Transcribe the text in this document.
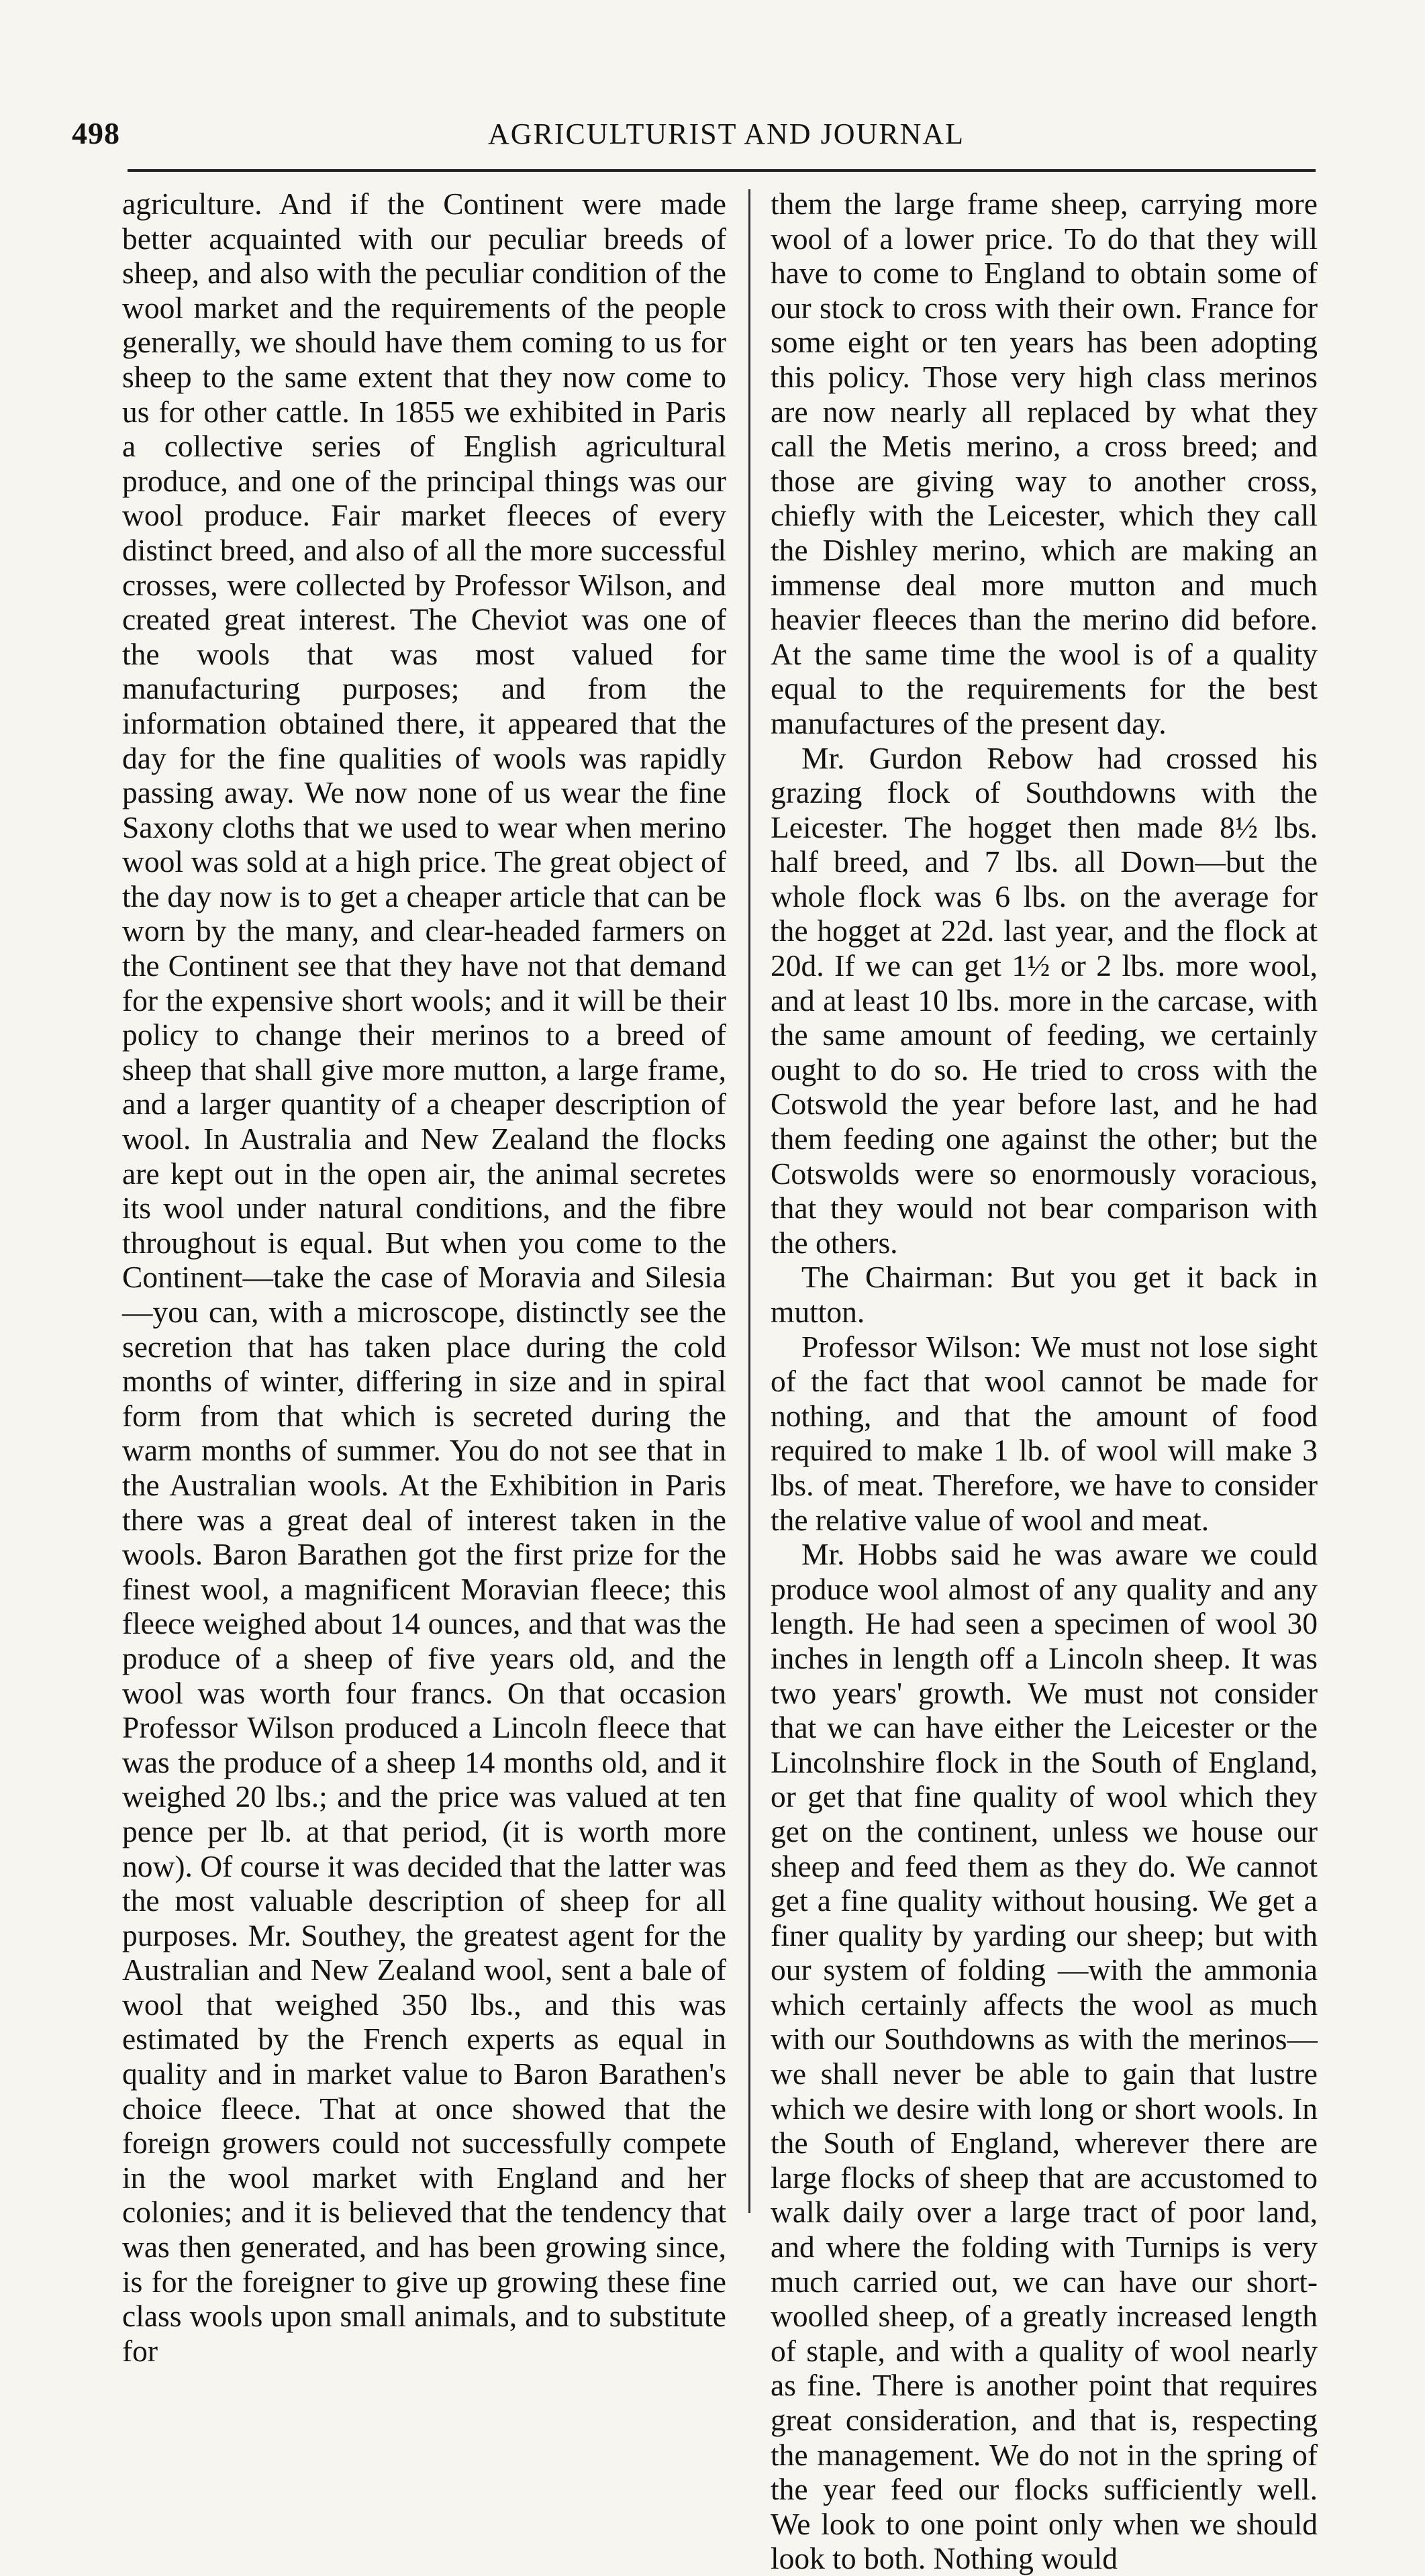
498	AGRICULTURIST AND JOURNAL

agriculture. And if the Continent were made better acquainted with our peculiar breeds of sheep, and also with the peculiar condition of the wool market and the requirements of the people generally, we should have them coming to us for sheep to the same extent that they now come to us for other cattle. In 1855 we exhibited in Paris a collective series of English agricultural produce, and one of the principal things was our wool produce. Fair market fleeces of every distinct breed, and also of all the more successful crosses, were collected by Professor Wilson, and created great interest. The Cheviot was one of the wools that was most valued for manufacturing purposes; and from the information obtained there, it appeared that the day for the fine qualities of wools was rapidly passing away. We now none of us wear the fine Saxony cloths that we used to wear when merino wool was sold at a high price. The great object of the day now is to get a cheaper article that can be worn by the many, and clear-headed farmers on the Continent see that they have not that demand for the expensive short wools; and it will be their policy to change their merinos to a breed of sheep that shall give more mutton, a large frame, and a larger quantity of a cheaper description of wool. In Australia and New Zealand the flocks are kept out in the open air, the animal secretes its wool under natural conditions, and the fibre throughout is equal. But when you come to the Continent—take the case of Moravia and Silesia—you can, with a microscope, distinctly see the secretion that has taken place during the cold months of winter, differing in size and in spiral form from that which is secreted during the warm months of summer. You do not see that in the Australian wools. At the Exhibition in Paris there was a great deal of interest taken in the wools. Baron Barathen got the first prize for the finest wool, a magnificent Moravian fleece; this fleece weighed about 14 ounces, and that was the produce of a sheep of five years old, and the wool was worth four francs. On that occasion Professor Wilson produced a Lincoln fleece that was the produce of a sheep 14 months old, and it weighed 20 lbs.; and the price was valued at ten pence per lb. at that period, (it is worth more now). Of course it was decided that the latter was the most valuable description of sheep for all purposes. Mr. Southey, the greatest agent for the Australian and New Zealand wool, sent a bale of wool that weighed 350 lbs., and this was estimated by the French experts as equal in quality and in market value to Baron Barathen's choice fleece. That at once showed that the foreign growers could not successfully compete in the wool market with England and her colonies; and it is believed that the tendency that was then generated, and has been growing since, is for the foreigner to give up growing these fine class wools upon small animals, and to substitute for

them the large frame sheep, carrying more wool of a lower price. To do that they will have to come to England to obtain some of our stock to cross with their own. France for some eight or ten years has been adopting this policy. Those very high class merinos are now nearly all replaced by what they call the Metis merino, a cross breed; and those are giving way to another cross, chiefly with the Leicester, which they call the Dishley merino, which are making an immense deal more mutton and much heavier fleeces than the merino did before. At the same time the wool is of a quality equal to the requirements for the best manufactures of the present day.

Mr. Gurdon Rebow had crossed his grazing flock of Southdowns with the Leicester. The hogget then made 8½ lbs. half breed, and 7 lbs. all Down—but the whole flock was 6 lbs. on the average for the hogget at 22d. last year, and the flock at 20d. If we can get 1½ or 2 lbs. more wool, and at least 10 lbs. more in the carcase, with the same amount of feeding, we certainly ought to do so. He tried to cross with the Cotswold the year before last, and he had them feeding one against the other; but the Cotswolds were so enormously voracious, that they would not bear comparison with the others.

The Chairman: But you get it back in mutton.

Professor Wilson: We must not lose sight of the fact that wool cannot be made for nothing, and that the amount of food required to make 1 lb. of wool will make 3 lbs. of meat. Therefore, we have to consider the relative value of wool and meat.

Mr. Hobbs said he was aware we could produce wool almost of any quality and any length. He had seen a specimen of wool 30 inches in length off a Lincoln sheep. It was two years' growth. We must not consider that we can have either the Leicester or the Lincolnshire flock in the South of England, or get that fine quality of wool which they get on the continent, unless we house our sheep and feed them as they do. We cannot get a fine quality without housing. We get a finer quality by yarding our sheep; but with our system of folding —with the ammonia which certainly affects the wool as much with our Southdowns as with the merinos—we shall never be able to gain that lustre which we desire with long or short wools. In the South of England, wherever there are large flocks of sheep that are accustomed to walk daily over a large tract of poor land, and where the folding with Turnips is very much carried out, we can have our short-woolled sheep, of a greatly increased length of staple, and with a quality of wool nearly as fine. There is another point that requires great consideration, and that is, respecting the management. We do not in the spring of the year feed our flocks sufficiently well. We look to one point only when we should look to both. Nothing would
